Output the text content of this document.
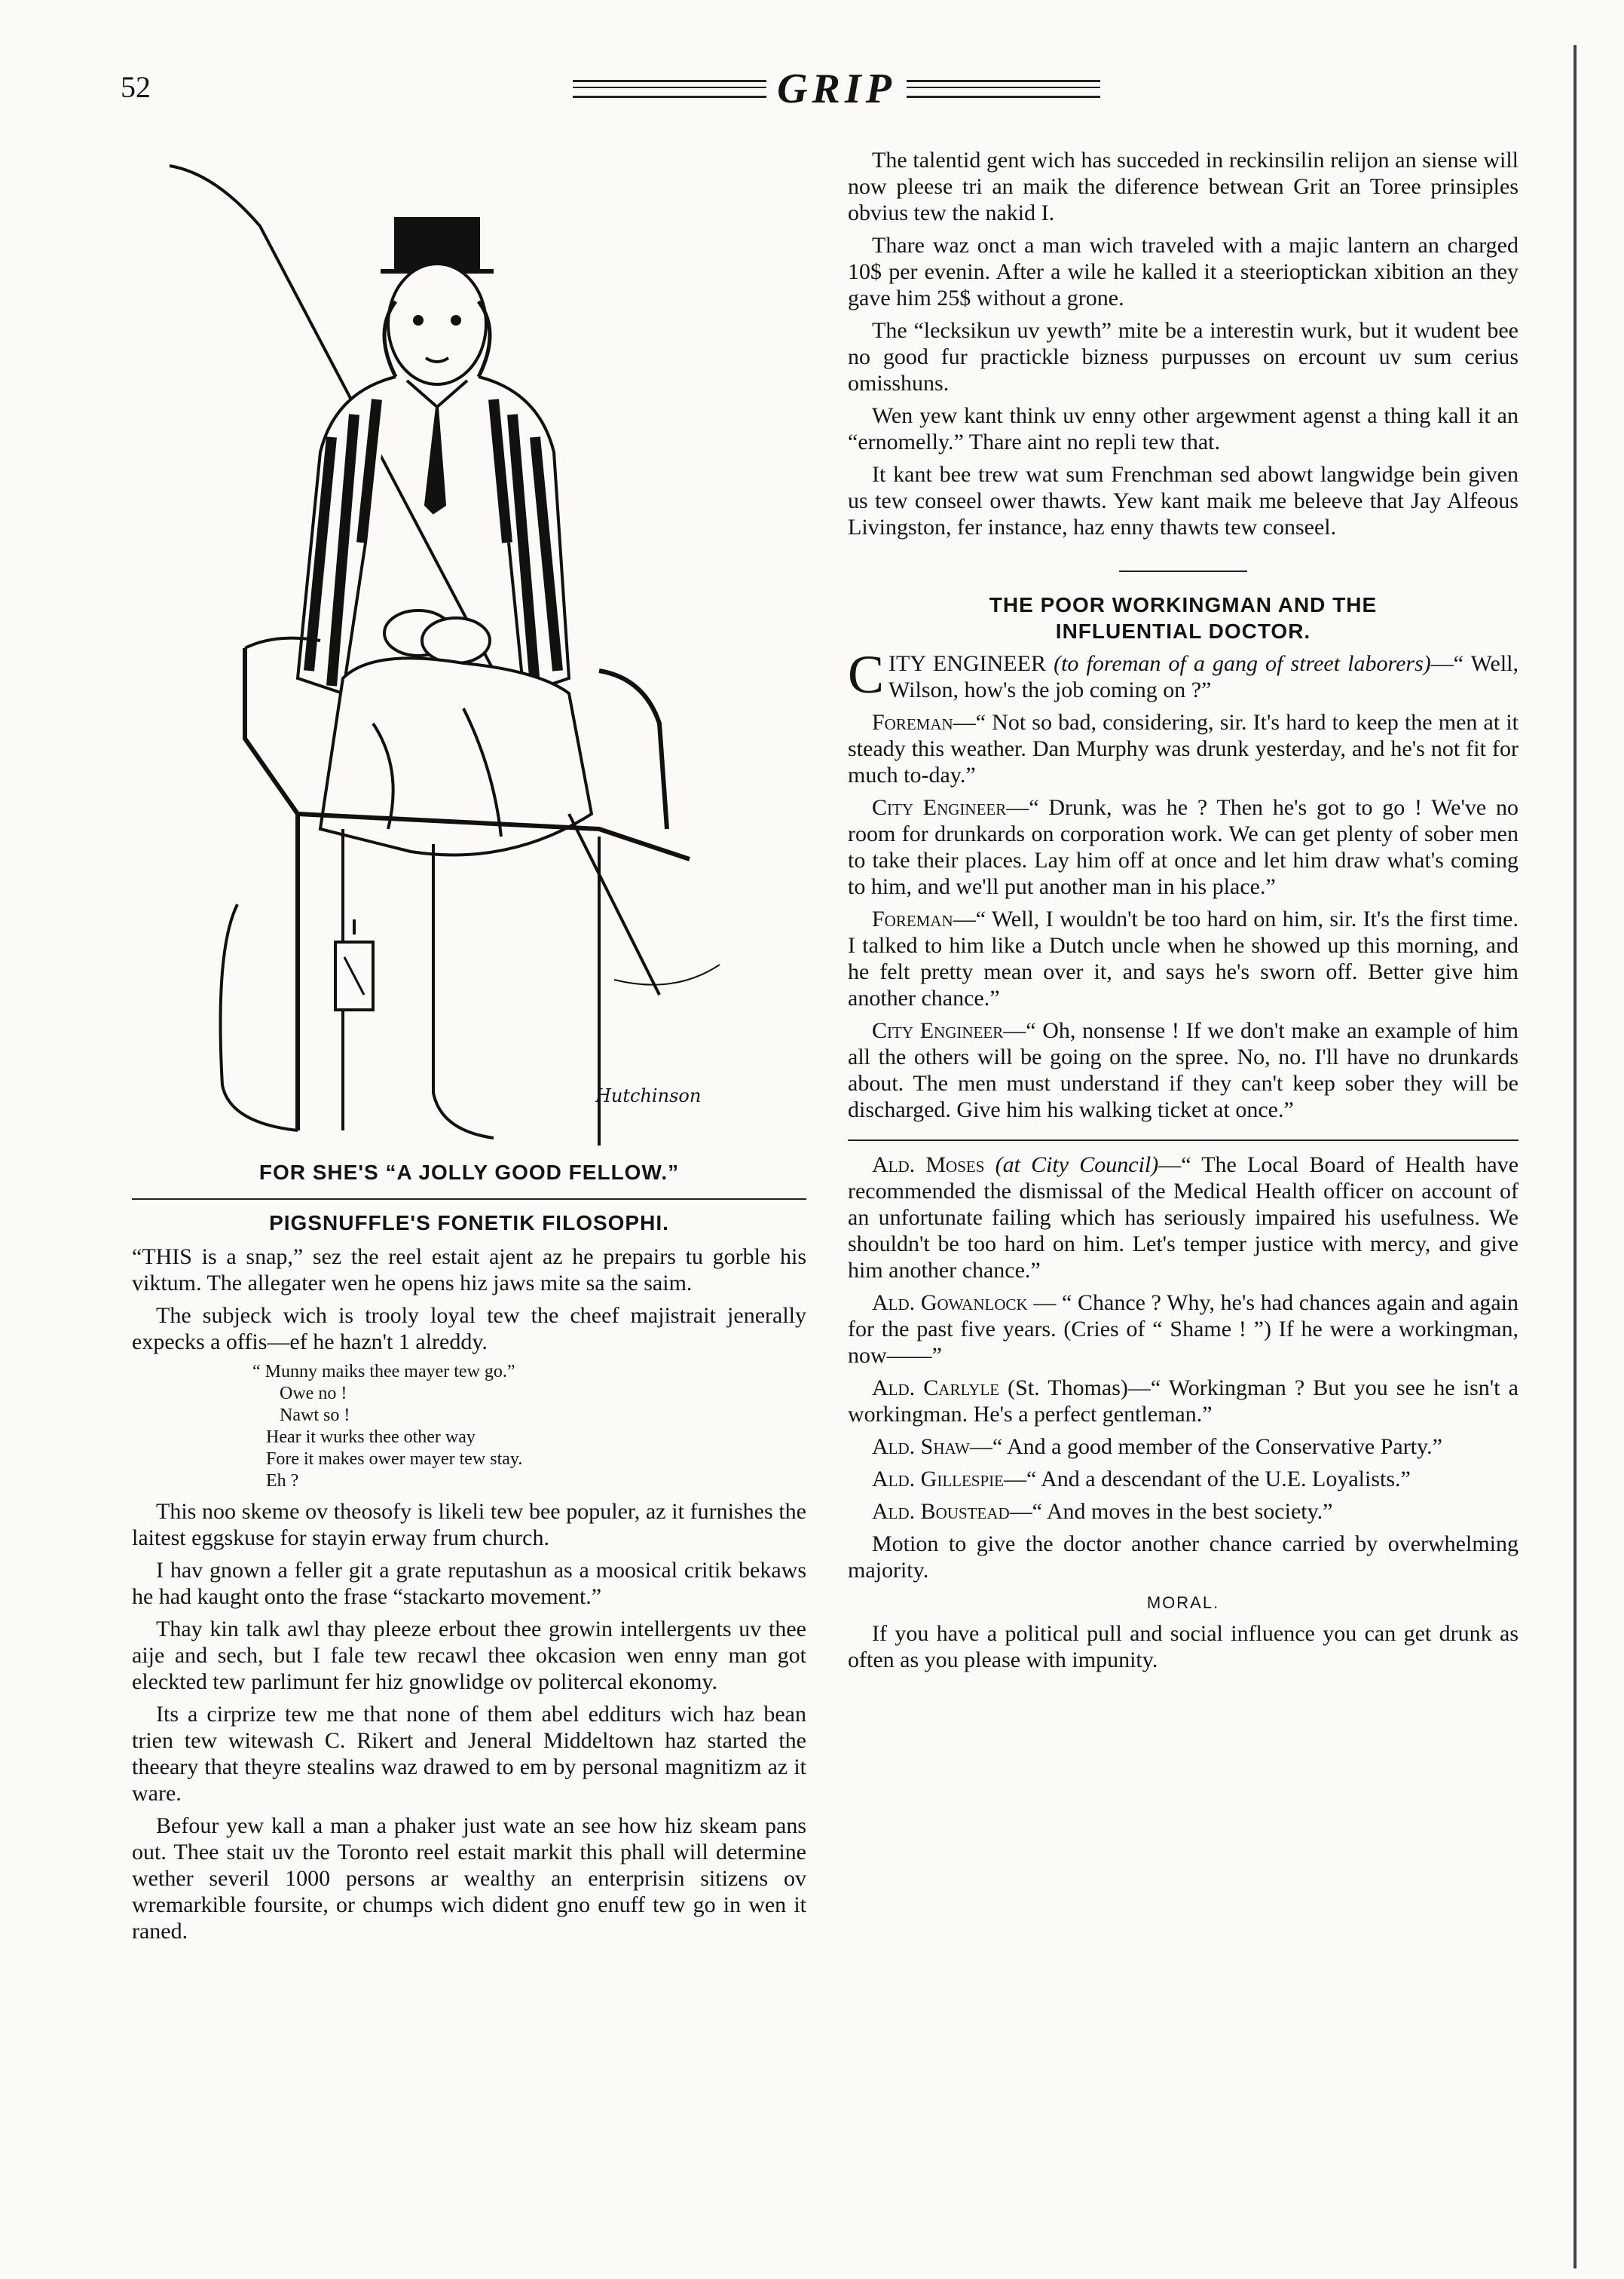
52	GRIP
Hutchinson
FOR SHE'S “A JOLLY GOOD FELLOW.”
PIGSNUFFLE'S FONETIK FILOSOPHI.

“THIS is a snap,” sez the reel estait ajent az he prepairs tu gorble his viktum. The allegater wen he opens hiz jaws mite sa the saim.

The subjeck wich is trooly loyal tew the cheef majistrait jenerally expecks a offis—ef he hazn't 1 alreddy.

“ Munny maiks thee mayer tew go.”
Owe no !
Nawt so !
Hear it wurks thee other way
Fore it makes ower mayer tew stay.
Eh ?

This noo skeme ov theosofy is likeli tew bee populer, az it furnishes the laitest eggskuse for stayin erway frum church.

I hav gnown a feller git a grate reputashun as a moosical critik bekaws he had kaught onto the frase “stackarto movement.”

Thay kin talk awl thay pleeze erbout thee growin intellergents uv thee aije and sech, but I fale tew recawl thee okcasion wen enny man got eleckted tew parlimunt fer hiz gnowlidge ov politercal ekonomy.

Its a cirprize tew me that none of them abel edditurs wich haz bean trien tew witewash C. Rikert and Jeneral Middeltown haz started the theeary that theyre stealins waz drawed to em by personal magnitizm az it ware.

Befour yew kall a man a phaker just wate an see how hiz skeam pans out. Thee stait uv the Toronto reel estait markit this phall will determine wether severil 1000 persons ar wealthy an enterprisin sitizens ov wremarkible foursite, or chumps wich dident gno enuff tew go in wen it raned.

The talentid gent wich has succeded in reckinsilin relijon an siense will now pleese tri an maik the diference betwean Grit an Toree prinsiples obvius tew the nakid I.

Thare waz onct a man wich traveled with a majic lantern an charged 10$ per evenin. After a wile he kalled it a steerioptickan xibition an they gave him 25$ without a grone.

The “lecksikun uv yewth” mite be a interestin wurk, but it wudent bee no good fur practickle bizness purpusses on ercount uv sum cerius omisshuns.

Wen yew kant think uv enny other argewment agenst a thing kall it an “ernomelly.” Thare aint no repli tew that.

It kant bee trew wat sum Frenchman sed abowt langwidge bein given us tew conseel ower thawts. Yew kant maik me beleeve that Jay Alfeous Livingston, fer instance, haz enny thawts tew conseel.

THE POOR WORKINGMAN AND THE
INFLUENTIAL DOCTOR.

CITY ENGINEER (to foreman of a gang of street laborers)—“ Well, Wilson, how's the job coming on ?”

Foreman—“ Not so bad, considering, sir. It's hard to keep the men at it steady this weather. Dan Murphy was drunk yesterday, and he's not fit for much to-day.”

City Engineer—“ Drunk, was he ? Then he's got to go ! We've no room for drunkards on corporation work. We can get plenty of sober men to take their places. Lay him off at once and let him draw what's coming to him, and we'll put another man in his place.”

Foreman—“ Well, I wouldn't be too hard on him, sir. It's the first time. I talked to him like a Dutch uncle when he showed up this morning, and he felt pretty mean over it, and says he's sworn off. Better give him another chance.”

City Engineer—“ Oh, nonsense ! If we don't make an example of him all the others will be going on the spree. No, no. I'll have no drunkards about. The men must understand if they can't keep sober they will be discharged. Give him his walking ticket at once.”

Ald. Moses (at City Council)—“ The Local Board of Health have recommended the dismissal of the Medical Health officer on account of an unfortunate failing which has seriously impaired his usefulness. We shouldn't be too hard on him. Let's temper justice with mercy, and give him another chance.”

Ald. Gowanlock — “ Chance ? Why, he's had chances again and again for the past five years. (Cries of “ Shame ! ”) If he were a workingman, now——”

Ald. Carlyle (St. Thomas)—“ Workingman ? But you see he isn't a workingman. He's a perfect gentleman.”

Ald. Shaw—“ And a good member of the Conservative Party.”

Ald. Gillespie—“ And a descendant of the U.E. Loyalists.”

Ald. Boustead—“ And moves in the best society.”

Motion to give the doctor another chance carried by overwhelming majority.

MORAL.

If you have a political pull and social influence you can get drunk as often as you please with impunity.
